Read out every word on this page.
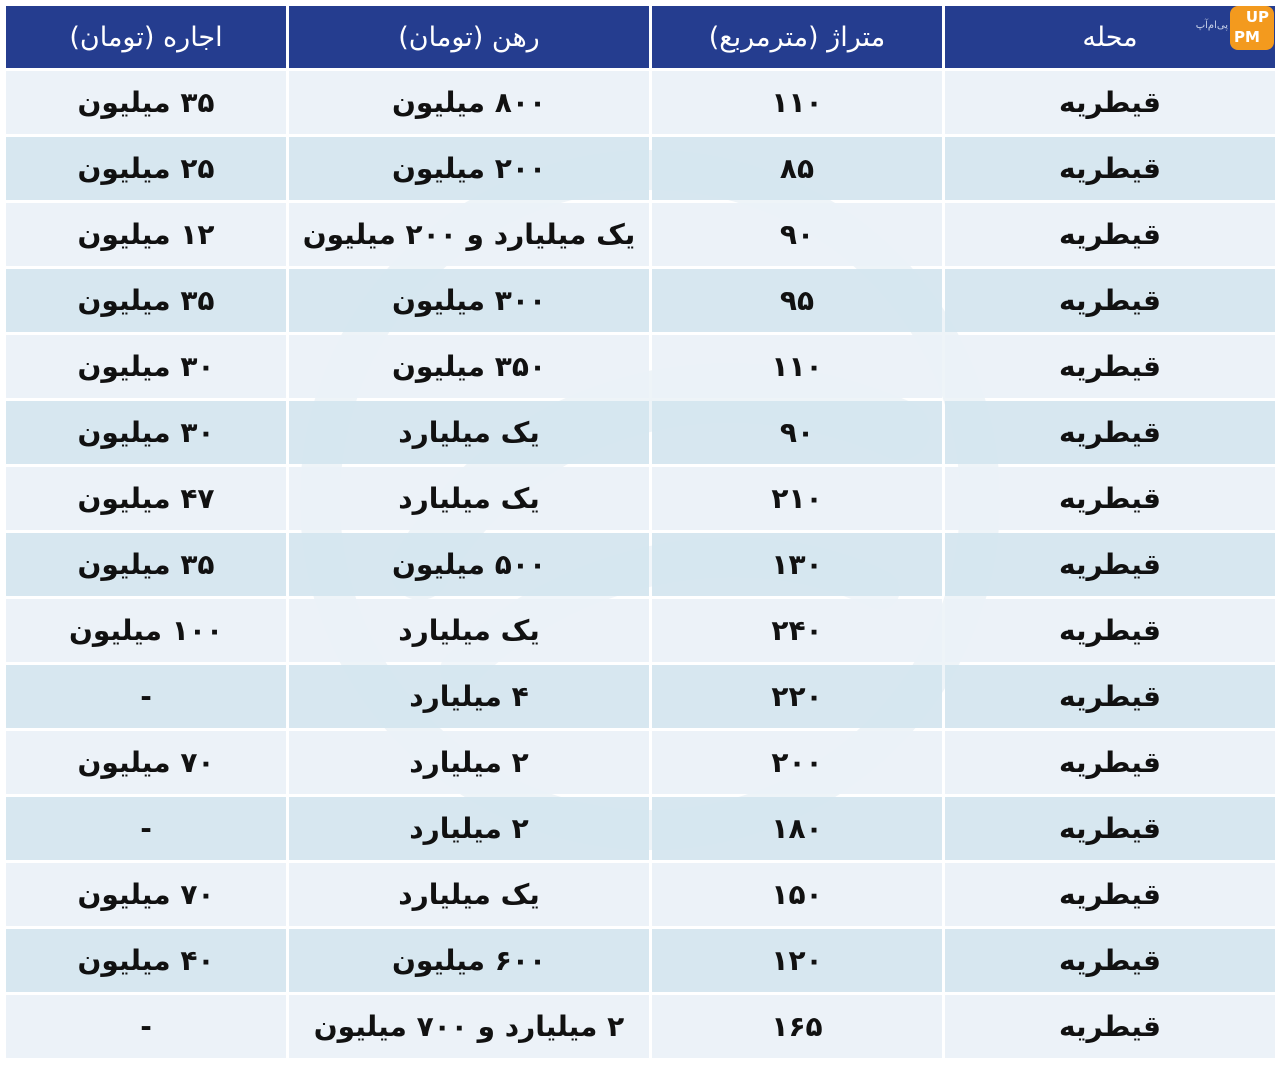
محله	متراژ (مترمربع)	رهن (تومان)	اجاره (تومان)
قیطریه	۱۱۰	۸۰۰ میلیون	۳۵ میلیون
قیطریه	۸۵	۲۰۰ میلیون	۲۵ میلیون
قیطریه	۹۰	یک میلیارد و ۲۰۰ میلیون	۱۲ میلیون
قیطریه	۹۵	۳۰۰ میلیون	۳۵ میلیون
قیطریه	۱۱۰	۳۵۰ میلیون	۳۰ میلیون
قیطریه	۹۰	یک میلیارد	۳۰ میلیون
قیطریه	۲۱۰	یک میلیارد	۴۷ میلیون
قیطریه	۱۳۰	۵۰۰ میلیون	۳۵ میلیون
قیطریه	۲۴۰	یک میلیارد	۱۰۰ میلیون
قیطریه	۲۲۰	۴ میلیارد	-
قیطریه	۲۰۰	۲ میلیارد	۷۰ میلیون
قیطریه	۱۸۰	۲ میلیارد	-
قیطریه	۱۵۰	یک میلیارد	۷۰ میلیون
قیطریه	۱۲۰	۶۰۰ میلیون	۴۰ میلیون
قیطریه	۱۶۵	۲ میلیارد و ۷۰۰ میلیون	-
پی‌ام‌آپ UP
PM
